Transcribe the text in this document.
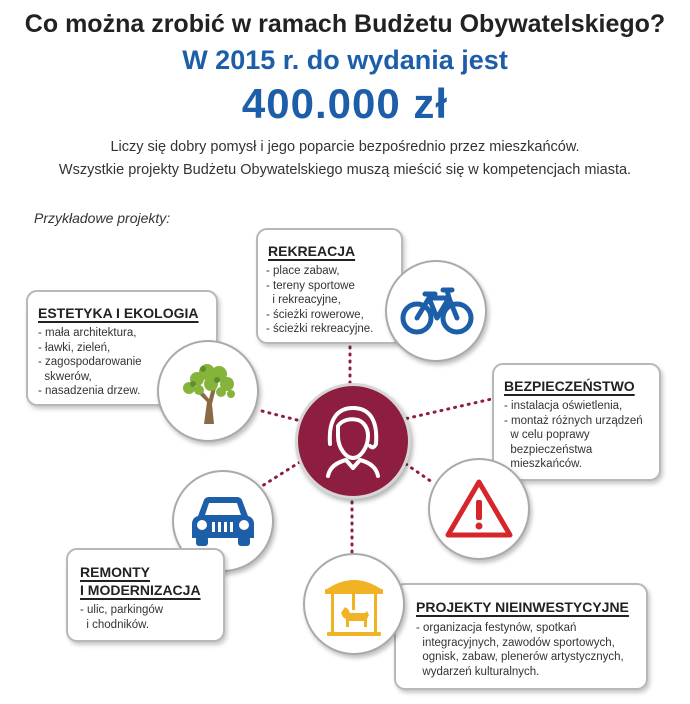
Co można zrobić w ramach Budżetu Obywatelskiego?
W 2015 r. do wydania jest
400.000 zł
Liczy się dobry pomysł i jego poparcie bezpośrednio przez mieszkańców.
Wszystkie projekty Budżetu Obywatelskiego muszą mieścić się w kompetencjach miasta.
Przykładowe projekty:
REKREACJA
- place zabaw,
- tereny sportowe
i rekreacyjne,
- ścieżki rowerowe,
- ścieżki rekreacyjne.
ESTETYKA I EKOLOGIA
- mała architektura,
- ławki, zieleń,
- zagospodarowanie
skwerów,
- nasadzenia drzew.	BEZPIECZEŃSTWO
- instalacja oświetlenia,
- montaż różnych urządzeń
w celu poprawy
bezpieczeństwa
mieszkańców.
REMONTY
I MODERNIZACJA
- ulic, parkingów
i chodników.
PROJEKTY NIEINWESTYCYJNE
- organizacja festynów, spotkań
integracyjnych, zawodów sportowych,
ognisk, zabaw, plenerów artystycznych,
wydarzeń kulturalnych.
